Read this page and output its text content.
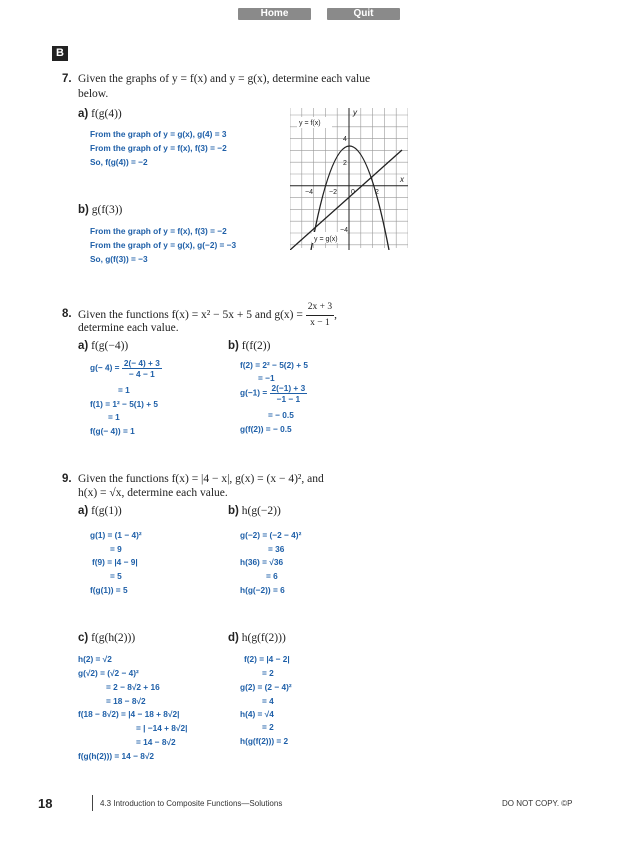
Home	Quit
B
7. Given the graphs of y = f(x) and y = g(x), determine each value
below.
a) f(g(4))
From the graph of y = g(x), g(4) = 3
From the graph of y = f(x), f(3) = −2
So, f(g(4)) = −2
b) g(f(3))
From the graph of y = f(x), f(3) = −2
From the graph of y = g(x), g(−2) = −3
So, g(f(3)) = −3
y = f(x)
y = g(x)
y
x
−4 −2 0	2
4
2
−4
8. Given the functions f(x) = x² − 5x + 5 and $g(x) = \frac{2x + 3}{x - 1}$ ,
determine each value.
a) f(g(−4))
$g(- 4) = \frac{2(- 4) + 3}{- 4 - 1}$
= 1
f(1) = 1² − 5(1) + 5
= 1
f(g(− 4)) = 1
b) f(f(2))
f(2) = 2² − 5(2) + 5
= −1
$g(-1) = \frac{2(-1) + 3}{-1 - 1}$
= − 0.5
g(f(2)) = − 0.5
9. Given the functions f(x) = |4 − x|, g(x) = (x − 4)², and
h(x) = √x, determine each value.
a) f(g(1))
g(1) = (1 − 4)²
= 9
f(9) = |4 − 9|
= 5
f(g(1)) = 5
b) h(g(−2))
g(−2) = (−2 − 4)²
= 36
h(36) = √36
= 6
h(g(−2)) = 6
c) f(g(h(2)))
h(2) = √2
g(√2) = (√2 − 4)²
= 2 − 8√2 + 16
= 18 − 8√2
f(18 − 8√2) = |4 − 18 + 8√2|
= | −14 + 8√2|
= 14 − 8√2
f(g(h(2))) = 14 − 8√2
d) h(g(f(2)))
f(2) = |4 − 2|
= 2
g(2) = (2 − 4)²
= 4
h(4) = √4
= 2
h(g(f(2))) = 2
18	4.3 Introduction to Composite Functions—Solutions	DO NOT COPY. ©P
